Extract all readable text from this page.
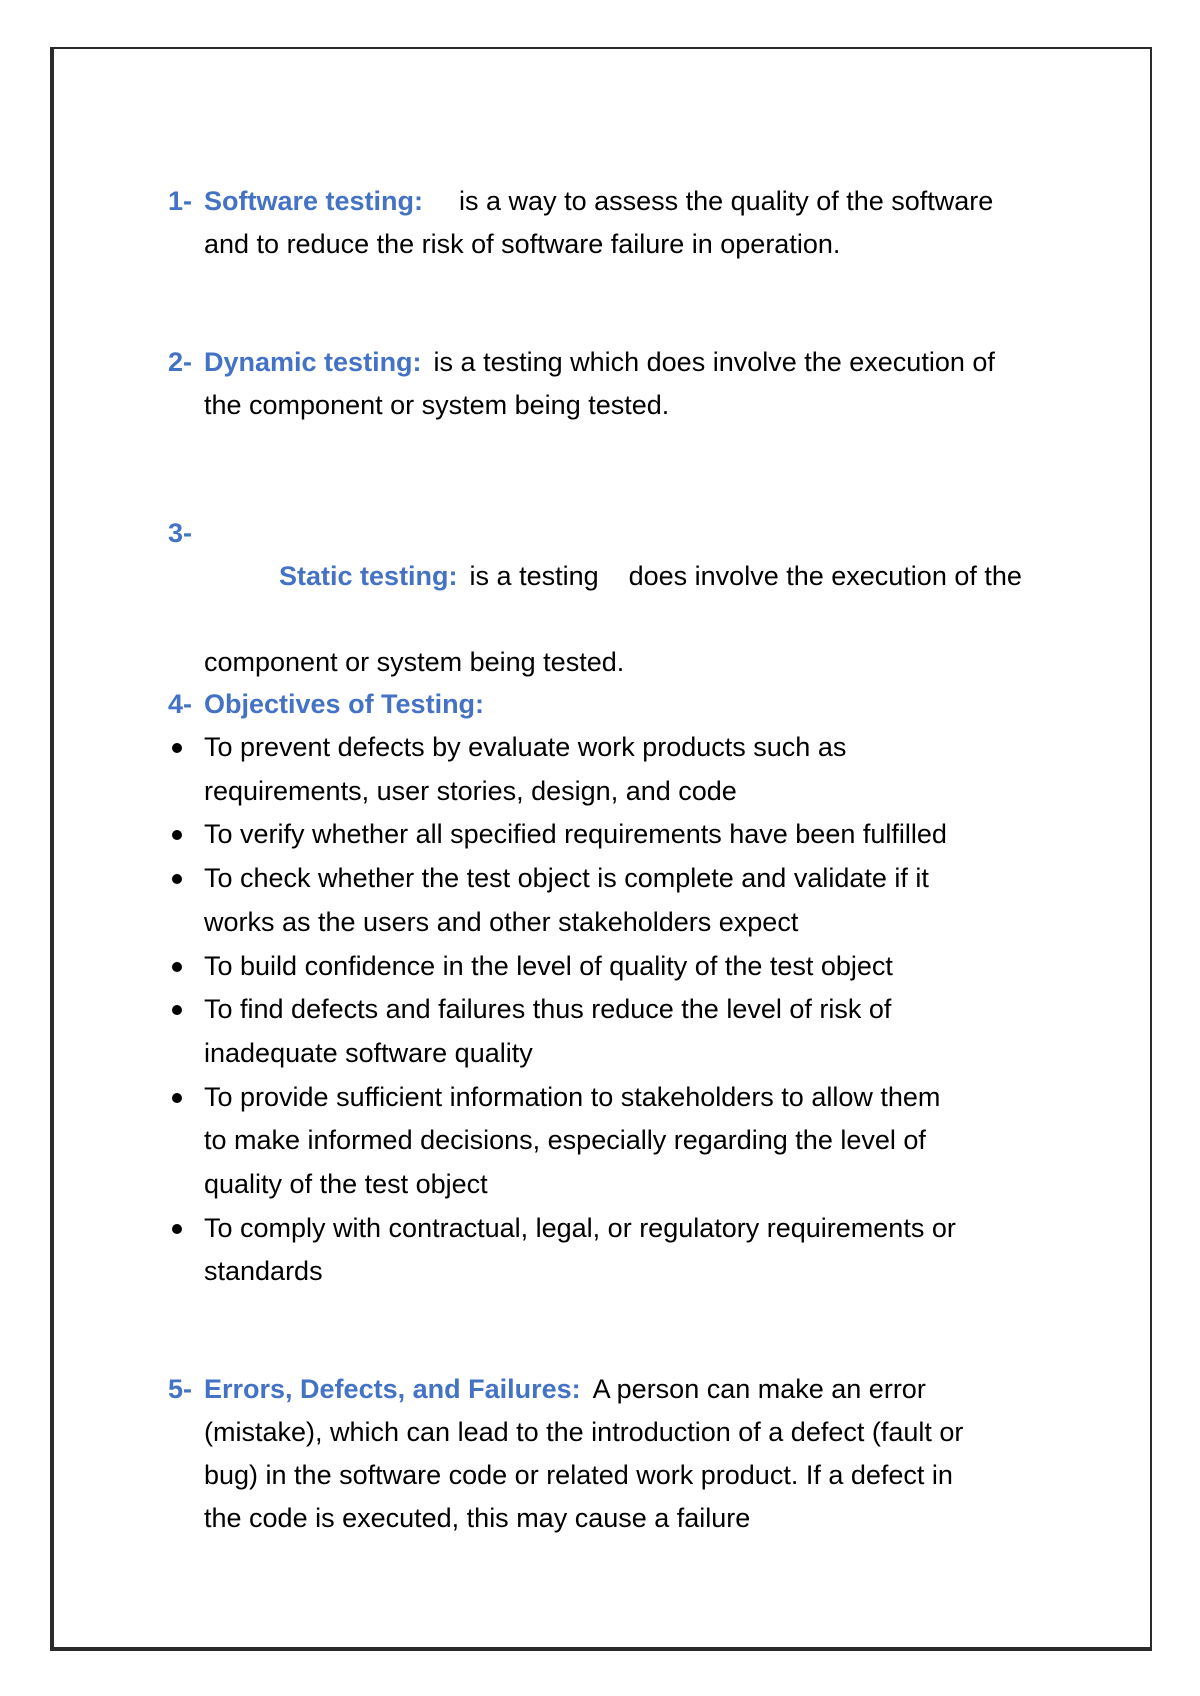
1- Software testing: is a way to assess the quality of the software
and to reduce the risk of software failure in operation.
2- Dynamic testing: is a testing which does involve the execution of
the component or system being tested.
3-

Static testing: is a testing    does involve the execution of the

component or system being tested.
4- Objectives of Testing:
To prevent defects by evaluate work products such as
requirements, user stories, design, and code
To verify whether all specified requirements have been fulfilled
To check whether the test object is complete and validate if it
works as the users and other stakeholders expect
To build confidence in the level of quality of the test object
To find defects and failures thus reduce the level of risk of
inadequate software quality
To provide sufficient information to stakeholders to allow them
to make informed decisions, especially regarding the level of
quality of the test object
To comply with contractual, legal, or regulatory requirements or
standards
5- Errors, Defects, and Failures: A person can make an error
(mistake), which can lead to the introduction of a defect (fault or
bug) in the software code or related work product. If a defect in
the code is executed, this may cause a failure
